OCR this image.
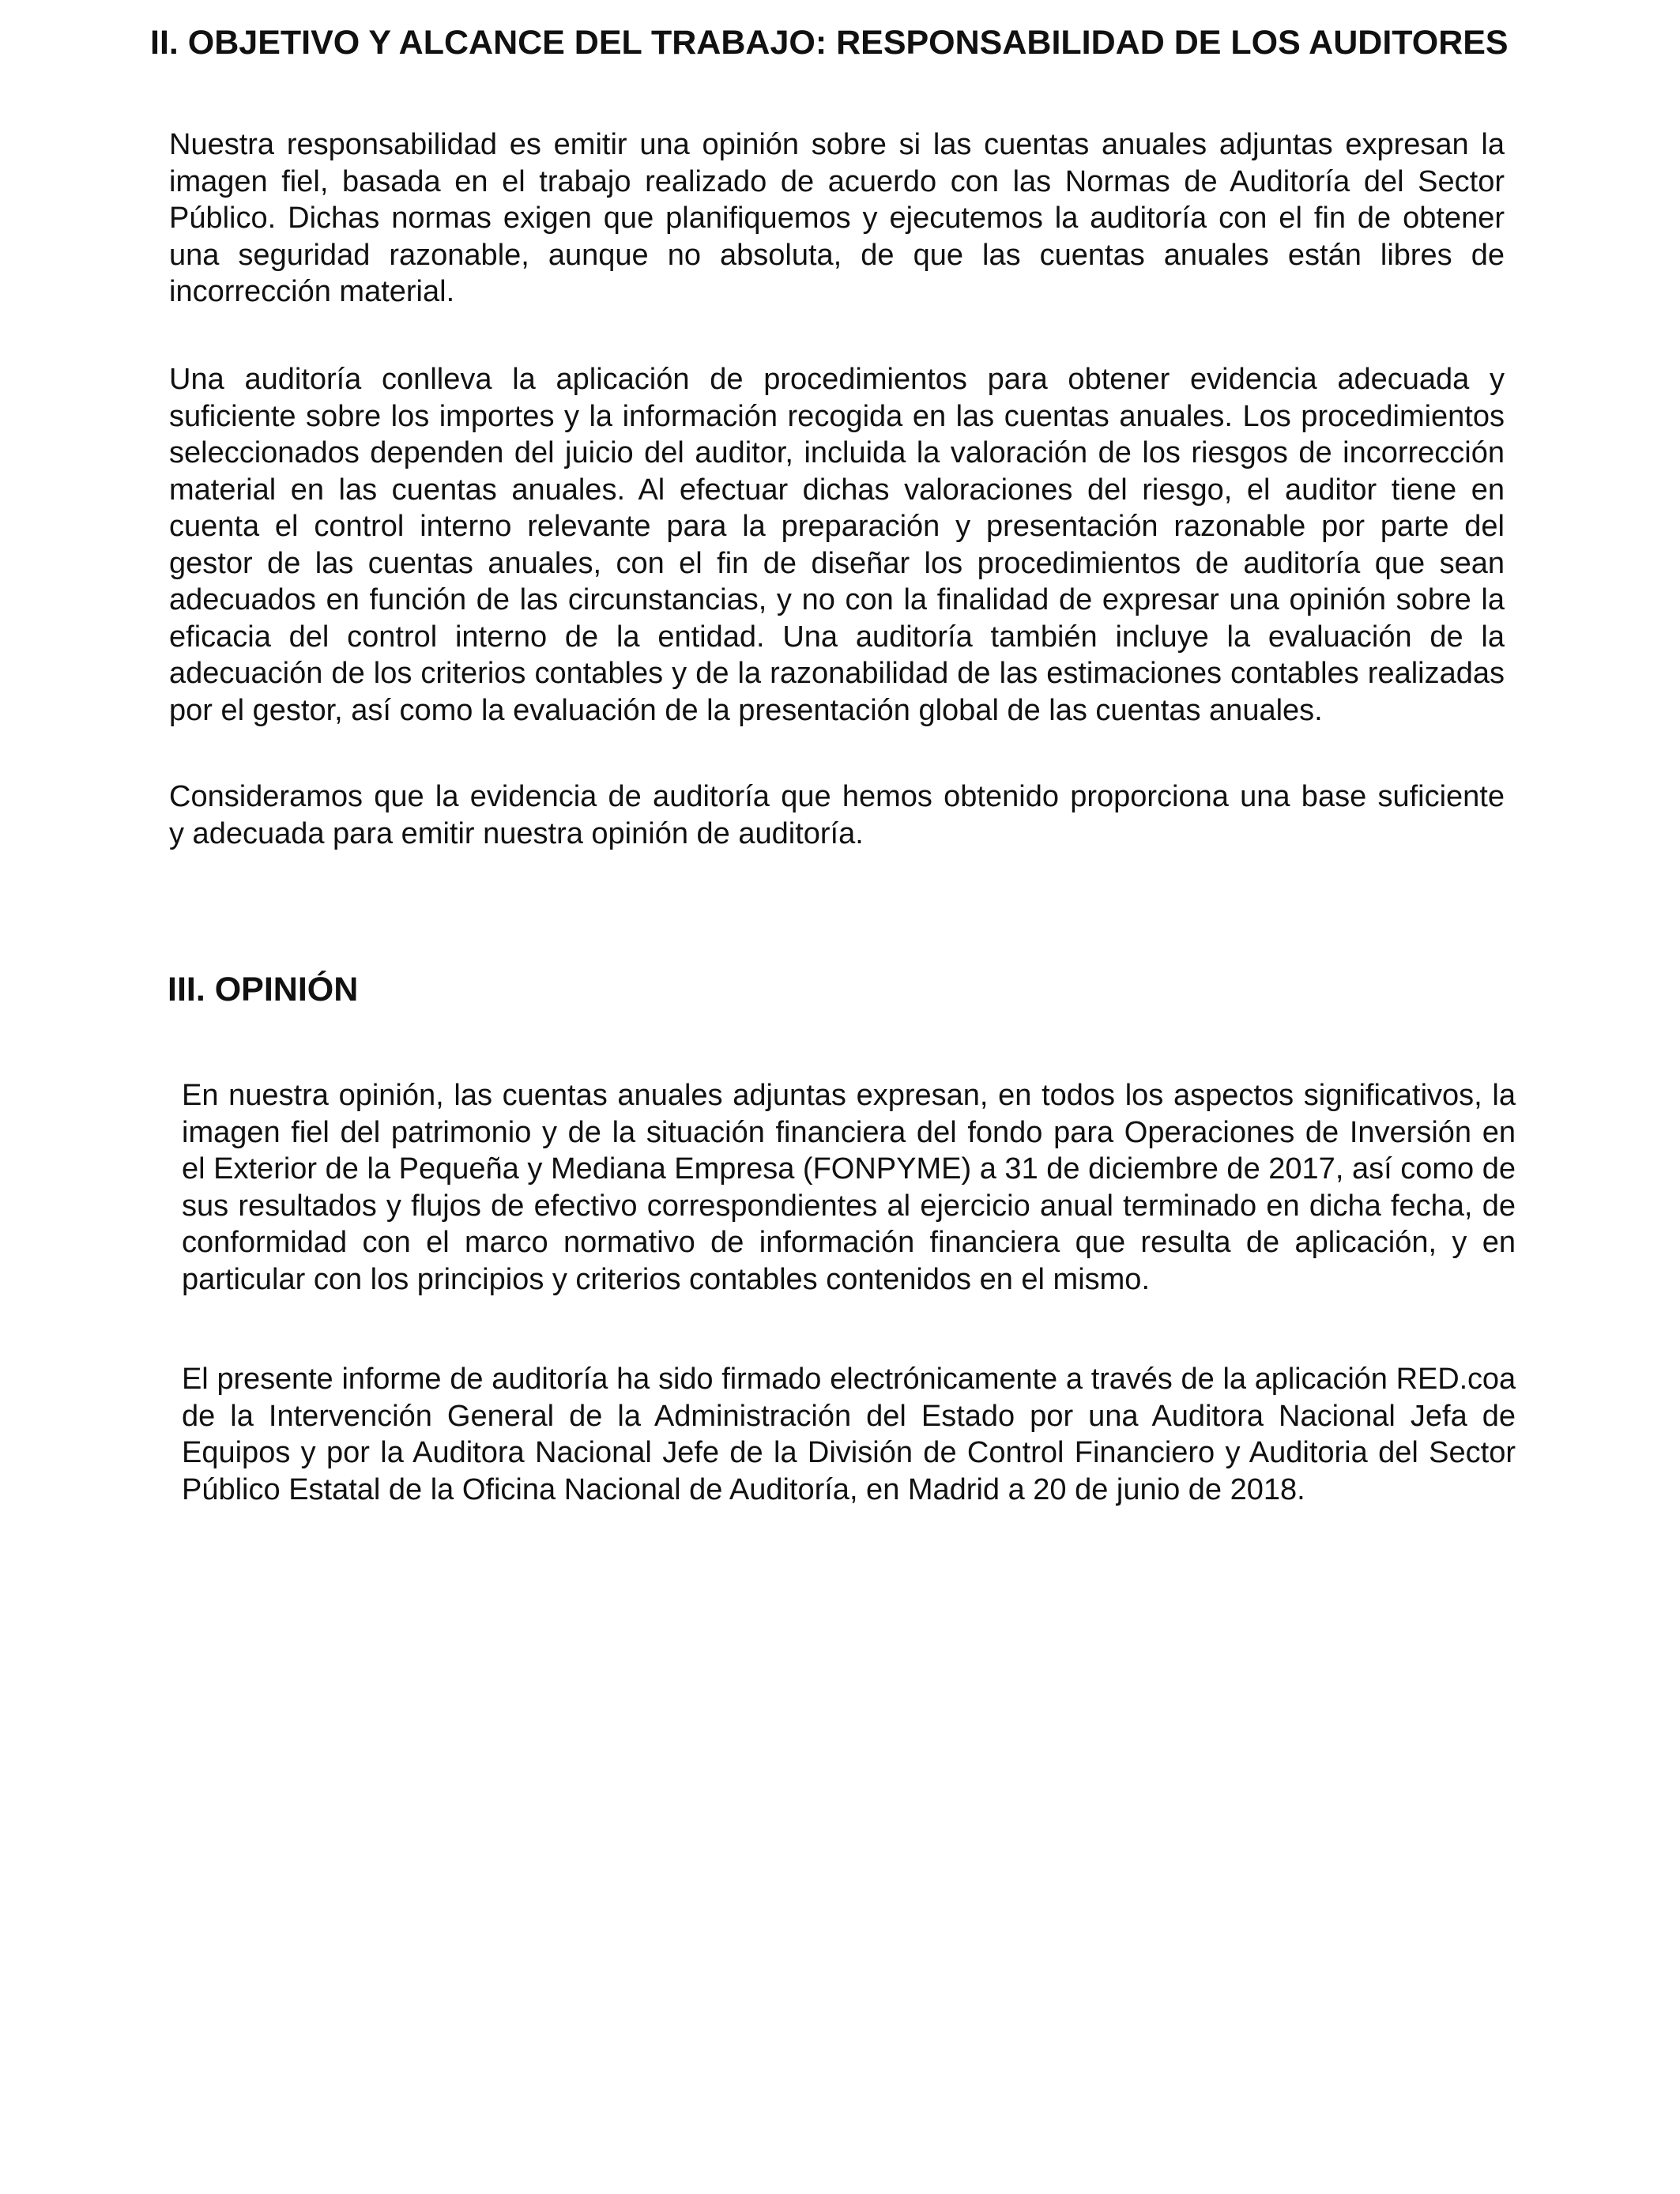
II. OBJETIVO Y ALCANCE DEL TRABAJO: RESPONSABILIDAD DE LOS AUDITORES

Nuestra responsabilidad es emitir una opinión sobre si las cuentas anuales adjuntas expresan la
imagen fiel, basada en el trabajo realizado de acuerdo con las Normas de Auditoría del Sector
Público. Dichas normas exigen que planifiquemos y ejecutemos la auditoría con el fin de obtener
una seguridad razonable, aunque no absoluta, de que las cuentas anuales están libres de
incorrección material.

Una auditoría conlleva la aplicación de procedimientos para obtener evidencia adecuada y
suficiente sobre los importes y la información recogida en las cuentas anuales. Los procedimientos
seleccionados dependen del juicio del auditor, incluida la valoración de los riesgos de incorrección
material en las cuentas anuales. Al efectuar dichas valoraciones del riesgo, el auditor tiene en
cuenta el control interno relevante para la preparación y presentación razonable por parte del
gestor de las cuentas anuales, con el fin de diseñar los procedimientos de auditoría que sean
adecuados en función de las circunstancias, y no con la finalidad de expresar una opinión sobre la
eficacia del control interno de la entidad. Una auditoría también incluye la evaluación de la
adecuación de los criterios contables y de la razonabilidad de las estimaciones contables realizadas
por el gestor, así como la evaluación de la presentación global de las cuentas anuales.

Consideramos que la evidencia de auditoría que hemos obtenido proporciona una base suficiente
y adecuada para emitir nuestra opinión de auditoría.

III. OPINIÓN

En nuestra opinión, las cuentas anuales adjuntas expresan, en todos los aspectos significativos, la
imagen fiel del patrimonio y de la situación financiera del fondo para Operaciones de Inversión en
el Exterior de la Pequeña y Mediana Empresa (FONPYME) a 31 de diciembre de 2017, así como de
sus resultados y flujos de efectivo correspondientes al ejercicio anual terminado en dicha fecha, de
conformidad con el marco normativo de información financiera que resulta de aplicación, y en
particular con los principios y criterios contables contenidos en el mismo.

El presente informe de auditoría ha sido firmado electrónicamente a través de la aplicación RED.coa
de la Intervención General de la Administración del Estado por una Auditora Nacional Jefa de
Equipos y por la Auditora Nacional Jefe de la División de Control Financiero y Auditoria del Sector
Público Estatal de la Oficina Nacional de Auditoría, en Madrid a 20 de junio de 2018.
